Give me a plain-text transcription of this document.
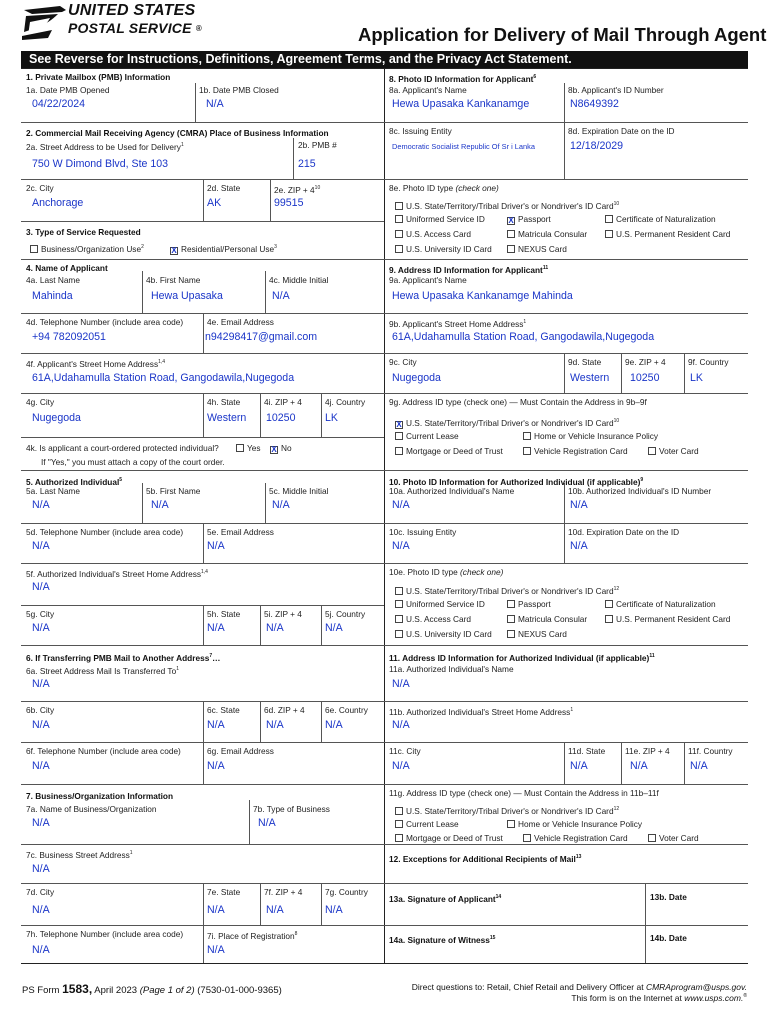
UNITED STATES
POSTAL SERVICE ®	Application for Delivery of Mail Through Agent
See Reverse for Instructions, Definitions, Agreement Terms, and the Privacy Act Statement.
1. Private Mailbox (PMB) Information
1a. Date PMB Opened
04/22/2024
1b. Date PMB Closed
N/A
2. Commercial Mail Receiving Agency (CMRA) Place of Business Information
2a. Street Address to be Used for Delivery$^1$
750 W Dimond Blvd, Ste 103
2b. PMB #
215
2c. City
Anchorage
2d. State
AK
2e. ZIP + $4^{10}$
99515
3. Type of Service Requested
Business/Organization Use$^2$	X Residential/Personal Use$^3$
4. Name of Applicant
4a. Last Name
Mahinda
4b. First Name
Hewa Upasaka
4c. Middle Initial
N/A
4d. Telephone Number (include area code)
+94 782092051
4e. Email Address
n94298417@gmail.com
4f. Applicant's Street Home Address$^{1,4}$
61A,Udahamulla Station Road, Gangodawila,Nugegoda
4g. City
Nugegoda
4h. State
Western
4i. ZIP + 4
10250
4j. Country
LK
4k. Is applicant a court-ordered protected individual?	Yes X No
If "Yes," you must attach a copy of the court order.
5. Authorized Individual$^5$
5a. Last Name
N/A
5b. First Name
N/A
5c. Middle Initial
N/A
5d. Telephone Number (include area code)
N/A
5e. Email Address
N/A
5f. Authorized Individual's Street Home Address$^{1,4}$
N/A
5g. City
N/A
5h. State
N/A
5i. ZIP + 4
N/A
5j. Country
N/A
6. If Transferring PMB Mail to Another Address$^7$…
6a. Street Address Mail Is Transferred To$^1$
N/A
6b. City
N/A
6c. State
N/A
6d. ZIP + 4
N/A
6e. Country
N/A
6f. Telephone Number (include area code)
N/A
6g. Email Address
N/A
7. Business/Organization Information
7a. Name of Business/Organization
N/A
7b. Type of Business
N/A
7c. Business Street Address$^1$
N/A
7d. City
N/A
7e. State
N/A
7f. ZIP + 4
N/A
7g. Country
N/A
7h. Telephone Number (include area code)
N/A
7i. Place of Registration$^8$
N/A
8. Photo ID Information for Applicant$^6$
8a. Applicant's Name
Hewa Upasaka Kankanamge
8b. Applicant's ID Number
N8649392
8c. Issuing Entity
Democratic Socialist Republic Of Sr i Lanka
8d. Expiration Date on the ID
12/18/2029
8e. Photo ID type (check one)
U.S. State/Territory/Tribal Driver's or Nondriver's ID Card$^{10}$
Uniformed Service ID	X Passport	Certificate of Naturalization
U.S. Access Card	Matricula Consular	U.S. Permanent Resident Card
U.S. University ID Card	NEXUS Card
9. Address ID Information for Applicant$^{11}$
9a. Applicant's Name
Hewa Upasaka Kankanamge Mahinda
9b. Applicant's Street Home Address$^1$
61A,Udahamulla Station Road, Gangodawila,Nugegoda
9c. City
Nugegoda
9d. State
Western
9e. ZIP + 4
10250
9f. Country
LK
9g. Address ID type (check one) — Must Contain the Address in 9b–9f
X U.S. State/Territory/Tribal Driver's or Nondriver's ID Card$^{10}$
Current Lease	Home or Vehicle Insurance Policy
Mortgage or Deed of Trust	Vehicle Registration Card	Voter Card
10. Photo ID Information for Authorized Individual (if applicable)$^9$
10a. Authorized Individual's Name
N/A
10b. Authorized Individual's ID Number
N/A
10c. Issuing Entity
N/A
10d. Expiration Date on the ID
N/A
10e. Photo ID type (check one)
U.S. State/Territory/Tribal Driver's or Nondriver's ID Card$^{12}$
Uniformed Service ID	Passport	Certificate of Naturalization
U.S. Access Card	Matricula Consular	U.S. Permanent Resident Card
U.S. University ID Card	NEXUS Card
11. Address ID Information for Authorized Individual (if applicable)$^{11}$
11a. Authorized Individual's Name
N/A
11b. Authorized Individual's Street Home Address$^1$
N/A
11c. City
N/A
11d. State
N/A
11e. ZIP + 4
N/A
11f. Country
N/A
11g. Address ID type (check one) — Must Contain the Address in 11b–11f
U.S. State/Territory/Tribal Driver's or Nondriver's ID Card$^{12}$
Current Lease	Home or Vehicle Insurance Policy
Mortgage or Deed of Trust	Vehicle Registration Card	Voter Card
12. Exceptions for Additional Recipients of Mail$^{13}$
13a. Signature of Applicant$^{14}$	13b. Date
14a. Signature of Witness$^{15}$	14b. Date
PS Form 1583, April 2023 (Page 1 of 2) (7530-01-000-9365)	Direct questions to: Retail, Chief Retail and Delivery Officer at CMRAprogram@usps.gov.
This form is on the Internet at www.usps.com.®
